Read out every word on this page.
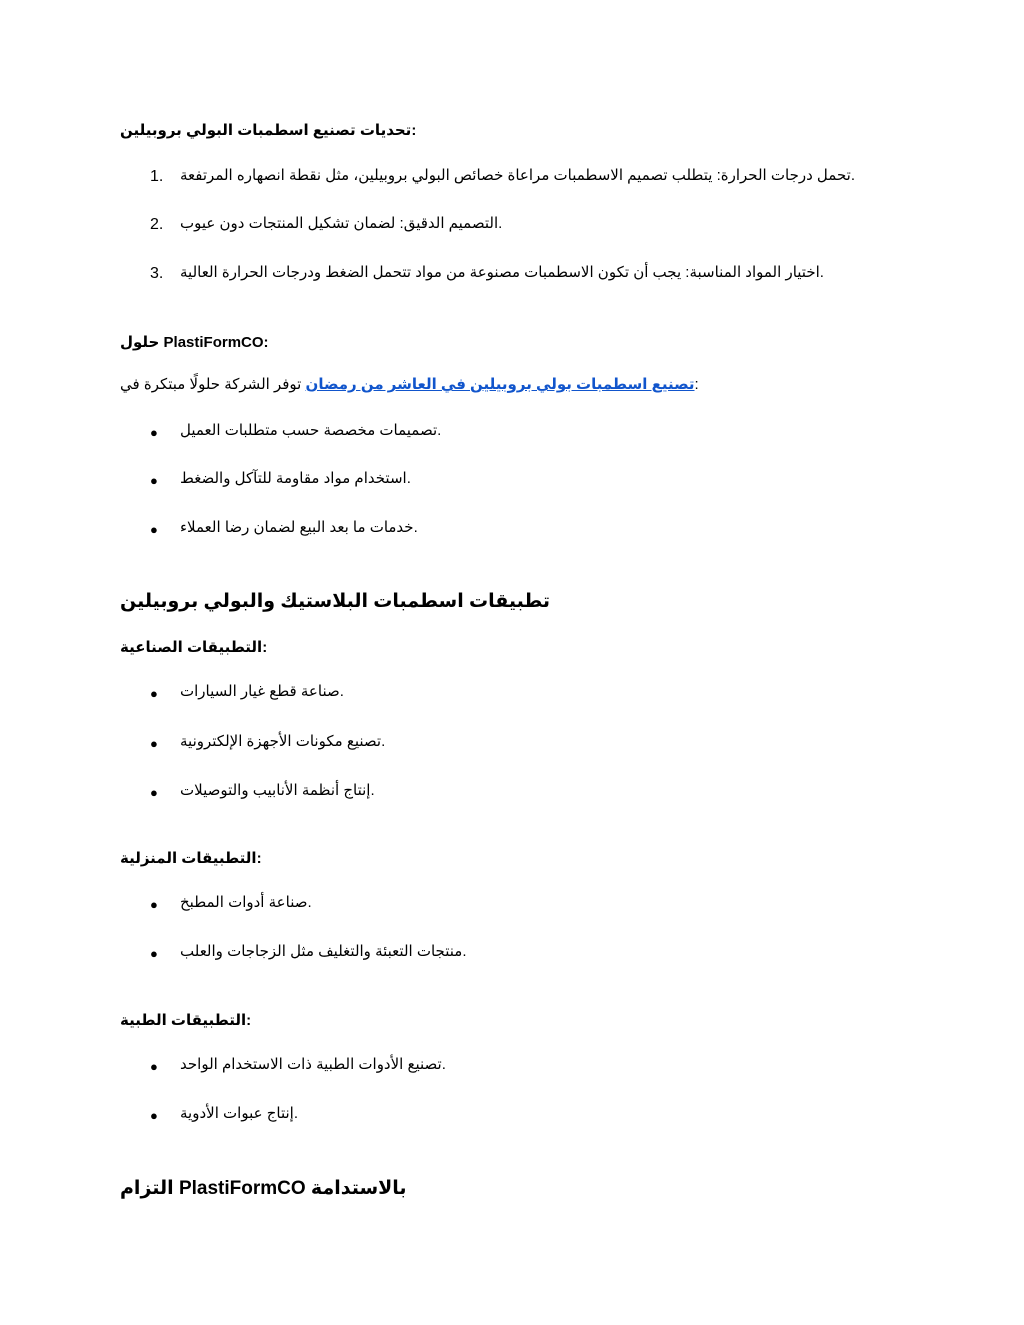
تحديات تصنيع اسطمبات البولي بروبيلين:
1. تحمل درجات الحرارة: يتطلب تصميم الاسطمبات مراعاة خصائص البولي بروبيلين، مثل نقطة انصهاره المرتفعة.
2. التصميم الدقيق: لضمان تشكيل المنتجات دون عيوب.
3. اختيار المواد المناسبة: يجب أن تكون الاسطمبات مصنوعة من مواد تتحمل الضغط ودرجات الحرارة العالية.
حلول PlastiFormCO:
تصنيع اسطمبات بولي بروبيلين في العاشر من رمضان توفر الشركة حلولًا مبتكرة في	:
● تصميمات مخصصة حسب متطلبات العميل.
● استخدام مواد مقاومة للتآكل والضغط.
● خدمات ما بعد البيع لضمان رضا العملاء.
تطبيقات اسطمبات البلاستيك والبولي بروبيلين
التطبيقات الصناعية:
● صناعة قطع غيار السيارات.
● تصنيع مكونات الأجهزة الإلكترونية.
● إنتاج أنظمة الأنابيب والتوصيلات.
التطبيقات المنزلية:
● صناعة أدوات المطبخ.
● منتجات التعبئة والتغليف مثل الزجاجات والعلب.
التطبيقات الطبية:
● تصنيع الأدوات الطبية ذات الاستخدام الواحد.
● إنتاج عبوات الأدوية.
التزام PlastiFormCO بالاستدامة
